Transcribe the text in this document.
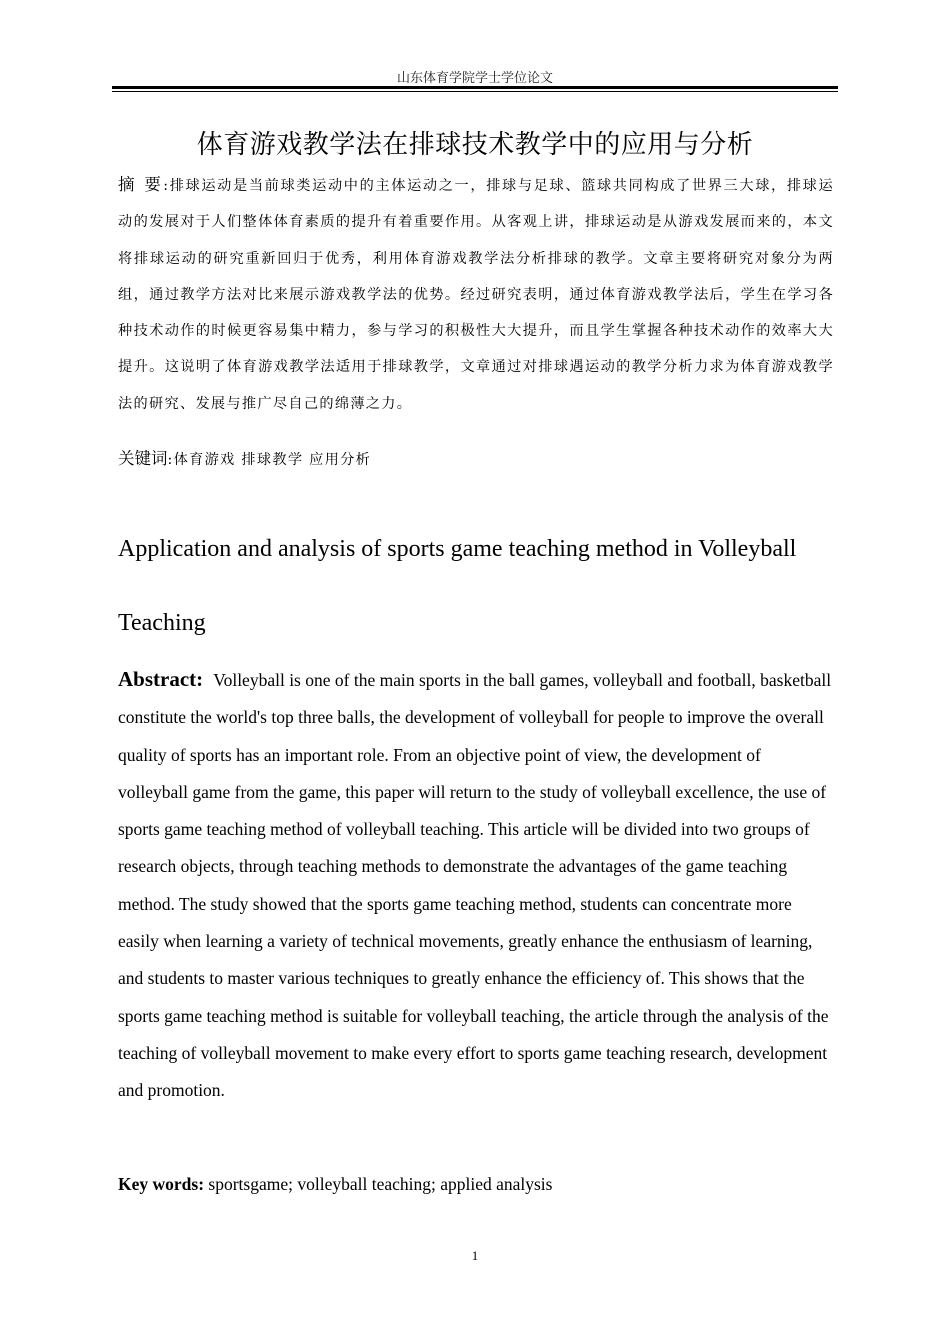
山东体育学院学士学位论文
体育游戏教学法在排球技术教学中的应用与分析
摘 要:排球运动是当前球类运动中的主体运动之一，排球与足球、篮球共同构成了世界三大球，排球运动的发展对于人们整体体育素质的提升有着重要作用。从客观上讲，排球运动是从游戏发展而来的，本文将排球运动的研究重新回归于优秀，利用体育游戏教学法分析排球的教学。文章主要将研究对象分为两组，通过教学方法对比来展示游戏教学法的优势。经过研究表明，通过体育游戏教学法后，学生在学习各种技术动作的时候更容易集中精力，参与学习的积极性大大提升，而且学生掌握各种技术动作的效率大大提升。这说明了体育游戏教学法适用于排球教学，文章通过对排球遇运动的教学分析力求为体育游戏教学法的研究、发展与推广尽自己的绵薄之力。
关键词:体育游戏 排球教学 应用分析
Application and analysis of sports game teaching method in Volleyball Teaching
Abstract: Volleyball is one of the main sports in the ball games, volleyball and football, basketball constitute the world's top three balls, the development of volleyball for people to improve the overall quality of sports has an important role. From an objective point of view, the development of volleyball game from the game, this paper will return to the study of volleyball excellence, the use of sports game teaching method of volleyball teaching. This article will be divided into two groups of research objects, through teaching methods to demonstrate the advantages of the game teaching method. The study showed that the sports game teaching method, students can concentrate more easily when learning a variety of technical movements, greatly enhance the enthusiasm of learning, and students to master various techniques to greatly enhance the efficiency of. This shows that the sports game teaching method is suitable for volleyball teaching, the article through the analysis of the teaching of volleyball movement to make every effort to sports game teaching research, development and promotion.
Key words: sportsgame; volleyball teaching; applied analysis
1
